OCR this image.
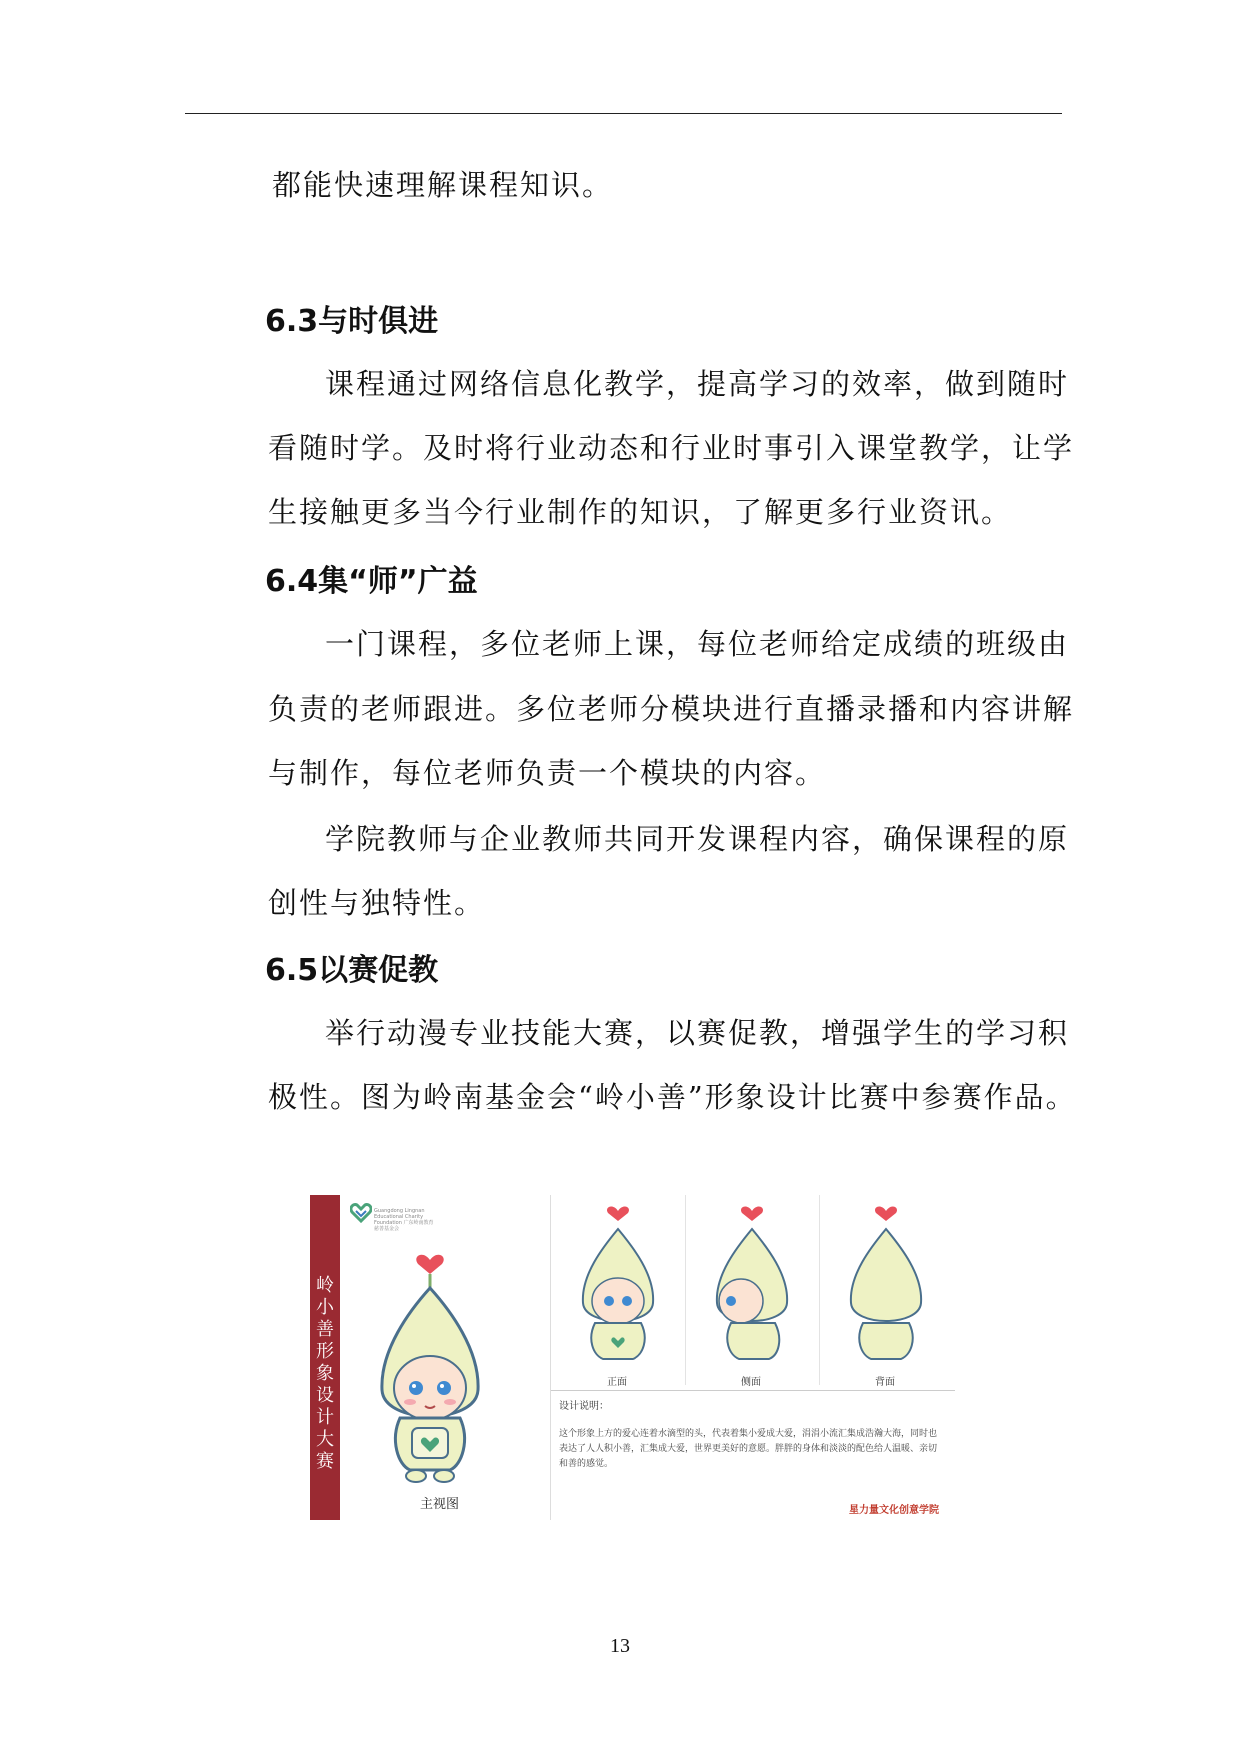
都能快速理解课程知识。
6.3与时俱进
课程通过网络信息化教学，提高学习的效率，做到随时
看随时学。及时将行业动态和行业时事引入课堂教学，让学
生接触更多当今行业制作的知识，了解更多行业资讯。
6.4集“师”广益
一门课程，多位老师上课，每位老师给定成绩的班级由
负责的老师跟进。多位老师分模块进行直播录播和内容讲解
与制作，每位老师负责一个模块的内容。
学院教师与企业教师共同开发课程内容，确保课程的原
创性与独特性。
6.5以赛促教
举行动漫专业技能大赛，以赛促教，增强学生的学习积
极性。图为岭南基金会“岭小善”形象设计比赛中参赛作品。
岭小善形象设计大赛
Guangdong Lingnan Educational Charity Foundation 广东岭南教育慈善基金会
主视图
正面	侧面	背面
设计说明：
这个形象上方的爱心连着水滴型的头，代表着集小爱成大爱，涓涓小流汇集成浩瀚大海，同时也表达了人人积小善，汇集成大爱，世界更美好的意愿。胖胖的身体和淡淡的配色给人温暖、亲切和善的感觉。
星力量文化创意学院
13
